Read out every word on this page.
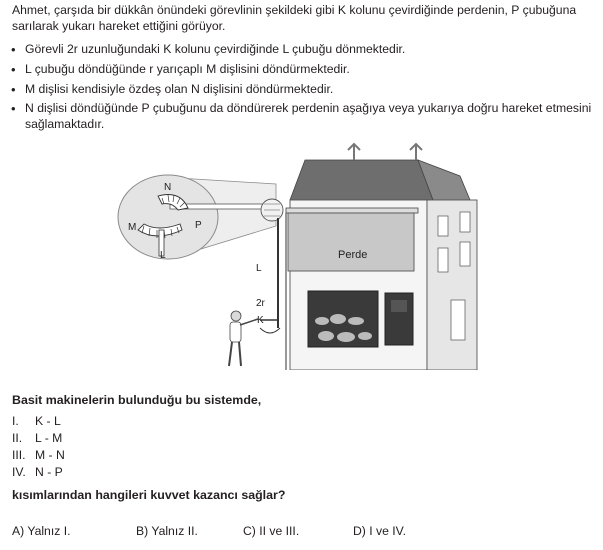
Ahmet, çarşıda bir dükkân önündeki görevlinin şekildeki gibi K kolunu çevirdiğinde perdenin, P çubuğuna sarılarak yukarı hareket ettiğini görüyor.

• Görevli 2r uzunluğundaki K kolunu çevirdiğinde L çubuğu dönmektedir.
• L çubuğu döndüğünde r yarıçaplı M dişlisini döndürmektedir.
• M dişlisi kendisiyle özdeş olan N dişlisini döndürmektedir.
• N dişlisi döndüğünde P çubuğunu da döndürerek perdenin aşağıya veya yukarıya doğru hareket etmesini sağlamaktadır.
N
M	P
L	Perde
L
2r
K

Basit makinelerin bulunduğu bu sistemde,

I. K - L
II. L - M
III. M - N
IV. N - P

kısımlarından hangileri kuvvet kazancı sağlar?

A) Yalnız I.	B) Yalnız II.	C) II ve III.	D) I ve IV.
